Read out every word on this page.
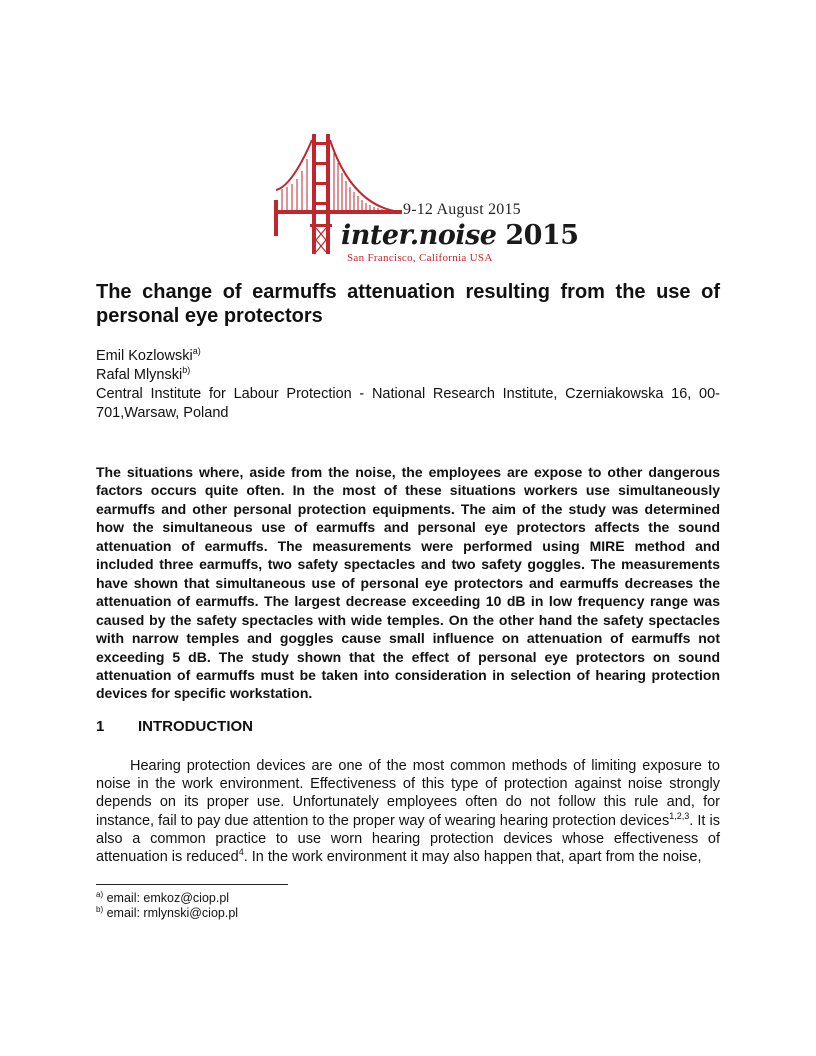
9-12 August 2015
inter.noise 2015
San Francisco, California USA
The change of earmuffs attenuation resulting from the use of
personal eye protectors
Emil Kozlowski$^{a)}$
Rafal Mlynski$^{b)}$
Central Institute for Labour Protection - National Research Institute, Czerniakowska 16, 00-701,Warsaw, Poland
The situations where, aside from the noise, the employees are expose to other dangerous factors occurs quite often. In the most of these situations workers use simultaneously earmuffs and other personal protection equipments. The aim of the study was determined how the simultaneous use of earmuffs and personal eye protectors affects the sound attenuation of earmuffs. The measurements were performed using MIRE method and included three earmuffs, two safety spectacles and two safety goggles. The measurements have shown that simultaneous use of personal eye protectors and earmuffs decreases the attenuation of earmuffs. The largest decrease exceeding 10 dB in low frequency range was caused by the safety spectacles with wide temples. On the other hand the safety spectacles with narrow temples and goggles cause small influence on attenuation of earmuffs not exceeding 5 dB. The study shown that the effect of personal eye protectors on sound attenuation of earmuffs must be taken into consideration in selection of hearing protection devices for specific workstation.
1 INTRODUCTION
Hearing protection devices are one of the most common methods of limiting exposure to noise in the work environment. Effectiveness of this type of protection against noise strongly depends on its proper use. Unfortunately employees often do not follow this rule and, for instance, fail to pay due attention to the proper way of wearing hearing protection devices$^{1,2,3}$. It is also a common practice to use worn hearing protection devices whose effectiveness of attenuation is reduced$^4$. In the work environment it may also happen that, apart from the noise,
$^{a)}$ email: emkoz@ciop.pl
$^{b)}$ email: rmlynski@ciop.pl
